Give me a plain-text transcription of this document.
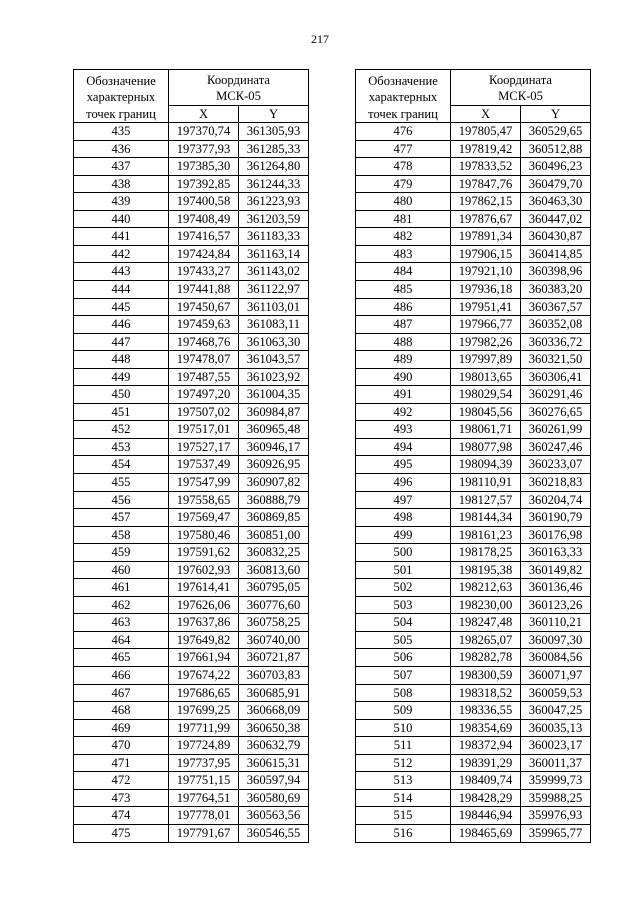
217
Обозначение
характерных
точек границ	Координата
МСК-05	

	X	Y
435	197370,74	361305,93
436	197377,93	361285,33
437	197385,30	361264,80
438	197392,85	361244,33
439	197400,58	361223,93
440	197408,49	361203,59
441	197416,57	361183,33
442	197424,84	361163,14
443	197433,27	361143,02
444	197441,88	361122,97
445	197450,67	361103,01
446	197459,63	361083,11
447	197468,76	361063,30
448	197478,07	361043,57
449	197487,55	361023,92
450	197497,20	361004,35
451	197507,02	360984,87
452	197517,01	360965,48
453	197527,17	360946,17
454	197537,49	360926,95
455	197547,99	360907,82
456	197558,65	360888,79
457	197569,47	360869,85
458	197580,46	360851,00
459	197591,62	360832,25
460	197602,93	360813,60
461	197614,41	360795,05
462	197626,06	360776,60
463	197637,86	360758,25
464	197649,82	360740,00
465	197661,94	360721,87
466	197674,22	360703,83
467	197686,65	360685,91
468	197699,25	360668,09
469	197711,99	360650,38
470	197724,89	360632,79
471	197737,95	360615,31
472	197751,15	360597,94
473	197764,51	360580,69
474	197778,01	360563,56
475	197791,67	360546,55
Обозначение
характерных
точек границ	Координата
МСК-05	

	X	Y
476	197805,47	360529,65
477	197819,42	360512,88
478	197833,52	360496,23
479	197847,76	360479,70
480	197862,15	360463,30
481	197876,67	360447,02
482	197891,34	360430,87
483	197906,15	360414,85
484	197921,10	360398,96
485	197936,18	360383,20
486	197951,41	360367,57
487	197966,77	360352,08
488	197982,26	360336,72
489	197997,89	360321,50
490	198013,65	360306,41
491	198029,54	360291,46
492	198045,56	360276,65
493	198061,71	360261,99
494	198077,98	360247,46
495	198094,39	360233,07
496	198110,91	360218,83
497	198127,57	360204,74
498	198144,34	360190,79
499	198161,23	360176,98
500	198178,25	360163,33
501	198195,38	360149,82
502	198212,63	360136,46
503	198230,00	360123,26
504	198247,48	360110,21
505	198265,07	360097,30
506	198282,78	360084,56
507	198300,59	360071,97
508	198318,52	360059,53
509	198336,55	360047,25
510	198354,69	360035,13
511	198372,94	360023,17
512	198391,29	360011,37
513	198409,74	359999,73
514	198428,29	359988,25
515	198446,94	359976,93
516	198465,69	359965,77
